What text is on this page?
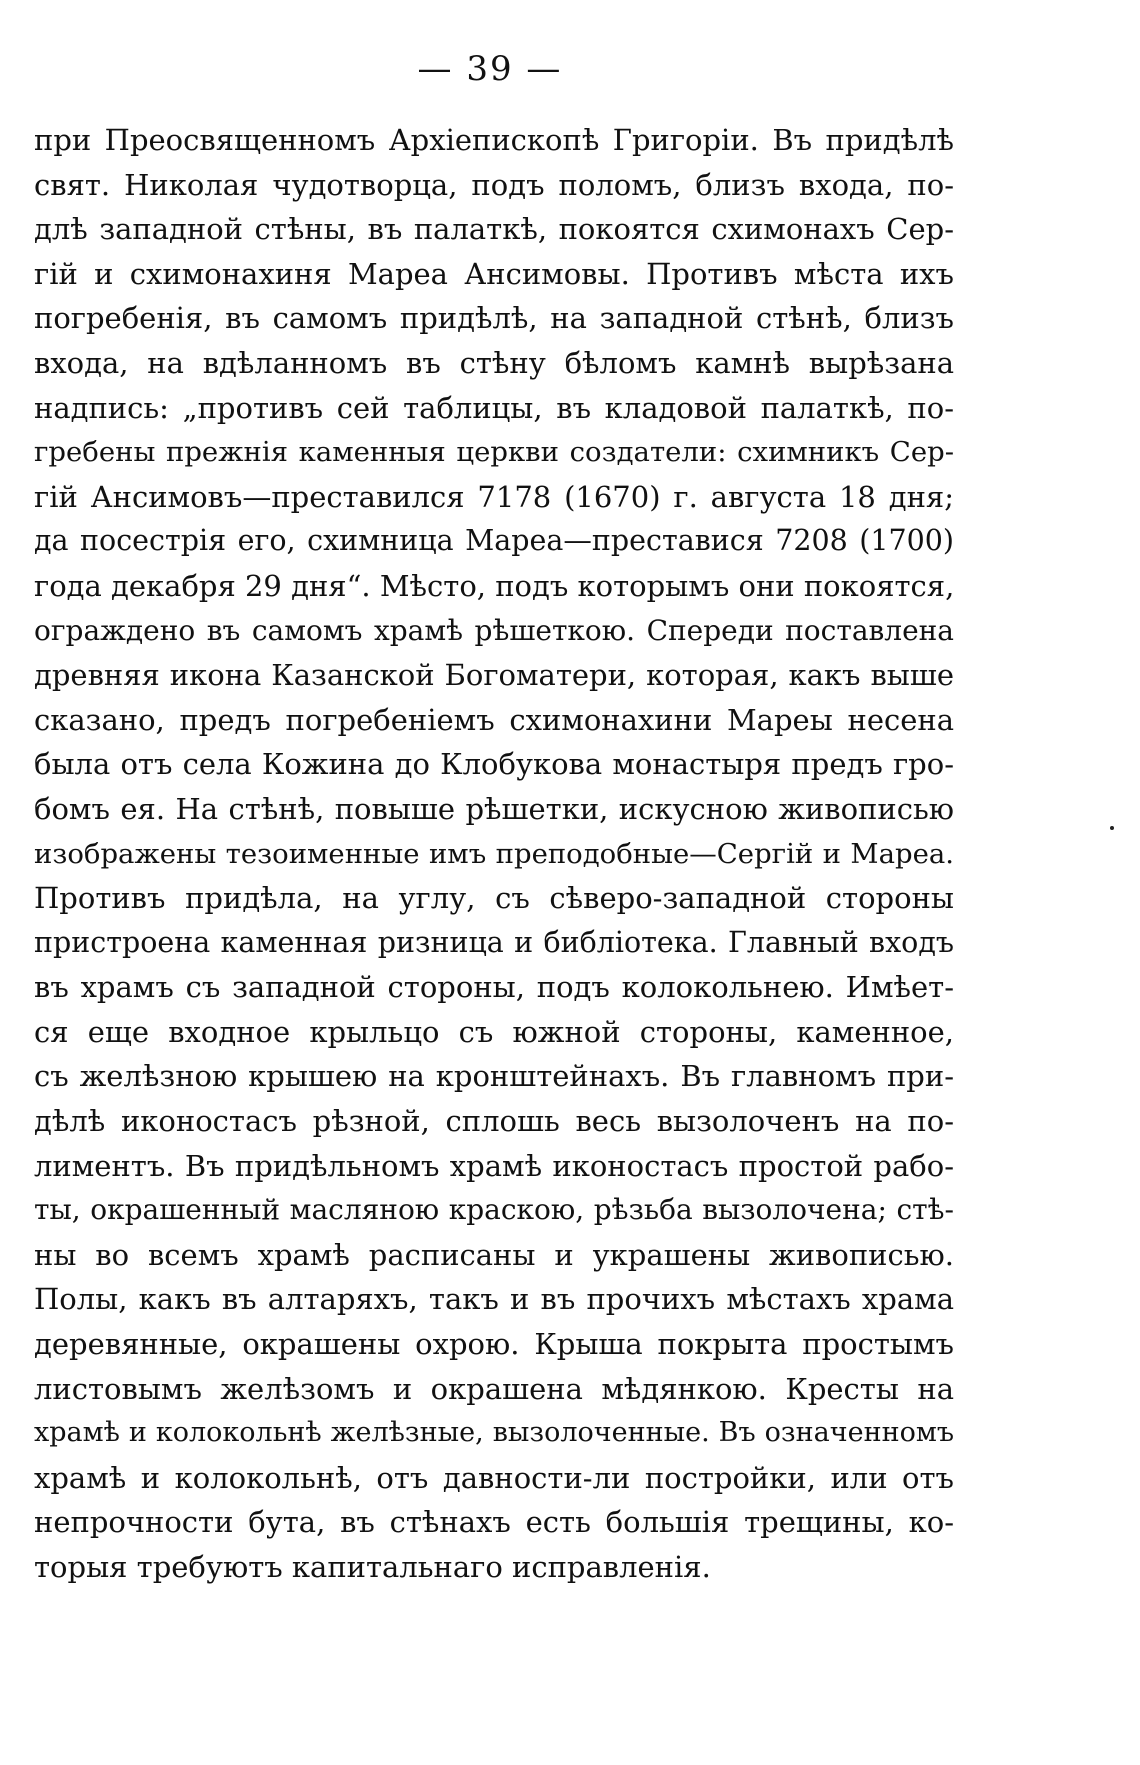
— 39 —
при Преосвященномъ Архіепископѣ Григоріи. Въ придѣлѣ
свят. Николая чудотворца, подъ поломъ, близъ входа, по-
длѣ западной стѣны, въ палаткѣ, покоятся схимонахъ Сер-
гій и схимонахиня Мареа Ансимовы. Противъ мѣста ихъ
погребенія, въ самомъ придѣлѣ, на западной стѣнѣ, близъ
входа, на вдѣланномъ въ стѣну бѣломъ камнѣ вырѣзана
надпись: „противъ сей таблицы, въ кладовой палаткѣ, по-
гребены прежнія каменныя церкви создатели: схимникъ Сер-
гій Ансимовъ—преставился 7178 (1670) г. августа 18 дня;
да посестрія его, схимница Мареа—преставися 7208 (1700)
года декабря 29 дня“. Мѣсто, подъ которымъ они покоятся,
ограждено въ самомъ храмѣ рѣшеткою. Спереди поставлена
древняя икона Казанской Богоматери, которая, какъ выше
сказано, предъ погребеніемъ схимонахини Мареы несена
была отъ села Кожина до Клобукова монастыря предъ гро-
бомъ ея. На стѣнѣ, повыше рѣшетки, искусною живописью
изображены тезоименные имъ преподобные—Сергій и Мареа.
Противъ придѣла, на углу, съ сѣверо-западной стороны
пристроена каменная ризница и библіотека. Главный входъ
въ храмъ съ западной стороны, подъ колокольнею. Имѣет-
ся еще входное крыльцо съ южной стороны, каменное,
съ желѣзною крышею на кронштейнахъ. Въ главномъ при-
дѣлѣ иконостасъ рѣзной, сплошь весь вызолоченъ на по-
лиментъ. Въ придѣльномъ храмѣ иконостасъ простой рабо-
ты, окрашенный масляною краскою, рѣзьба вызолочена; стѣ-
ны во всемъ храмѣ расписаны и украшены живописью.
Полы, какъ въ алтаряхъ, такъ и въ прочихъ мѣстахъ храма
деревянные, окрашены охрою. Крыша покрыта простымъ
листовымъ желѣзомъ и окрашена мѣдянкою. Кресты на
храмѣ и колокольнѣ желѣзные, вызолоченные. Въ означенномъ
храмѣ и колокольнѣ, отъ давности-ли постройки, или отъ
непрочности бута, въ стѣнахъ есть большія трещины, ко-
торыя требуютъ капитальнаго исправленія.
